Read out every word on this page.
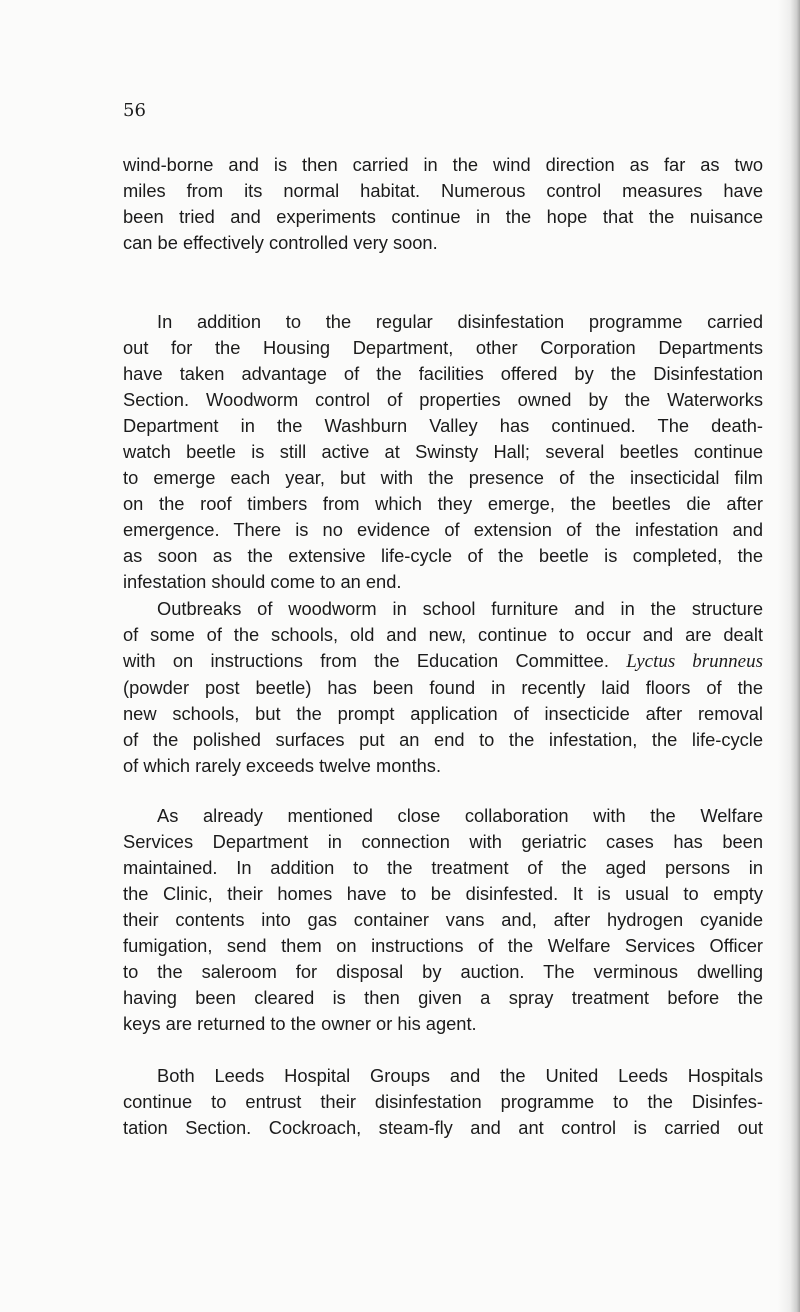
56

wind-borne and is then carried in the wind direction as far as two
miles from its normal habitat. Numerous control measures have
been tried and experiments continue in the hope that the nuisance
can be effectively controlled very soon.
In addition to the regular disinfestation programme carried
out for the Housing Department, other Corporation Departments
have taken advantage of the facilities offered by the Disinfestation
Section. Woodworm control of properties owned by the Waterworks
Department in the Washburn Valley has continued. The death-
watch beetle is still active at Swinsty Hall; several beetles continue
to emerge each year, but with the presence of the insecticidal film
on the roof timbers from which they emerge, the beetles die after
emergence. There is no evidence of extension of the infestation and
as soon as the extensive life-cycle of the beetle is completed, the
infestation should come to an end.
Outbreaks of woodworm in school furniture and in the structure
of some of the schools, old and new, continue to occur and are dealt
with on instructions from the Education Committee. Lyctus brunneus
(powder post beetle) has been found in recently laid floors of the
new schools, but the prompt application of insecticide after removal
of the polished surfaces put an end to the infestation, the life-cycle
of which rarely exceeds twelve months.
As already mentioned close collaboration with the Welfare
Services Department in connection with geriatric cases has been
maintained. In addition to the treatment of the aged persons in
the Clinic, their homes have to be disinfested. It is usual to empty
their contents into gas container vans and, after hydrogen cyanide
fumigation, send them on instructions of the Welfare Services Officer
to the saleroom for disposal by auction. The verminous dwelling
having been cleared is then given a spray treatment before the
keys are returned to the owner or his agent.
Both Leeds Hospital Groups and the United Leeds Hospitals
continue to entrust their disinfestation programme to the Disinfes-
tation Section. Cockroach, steam-fly and ant control is carried out
